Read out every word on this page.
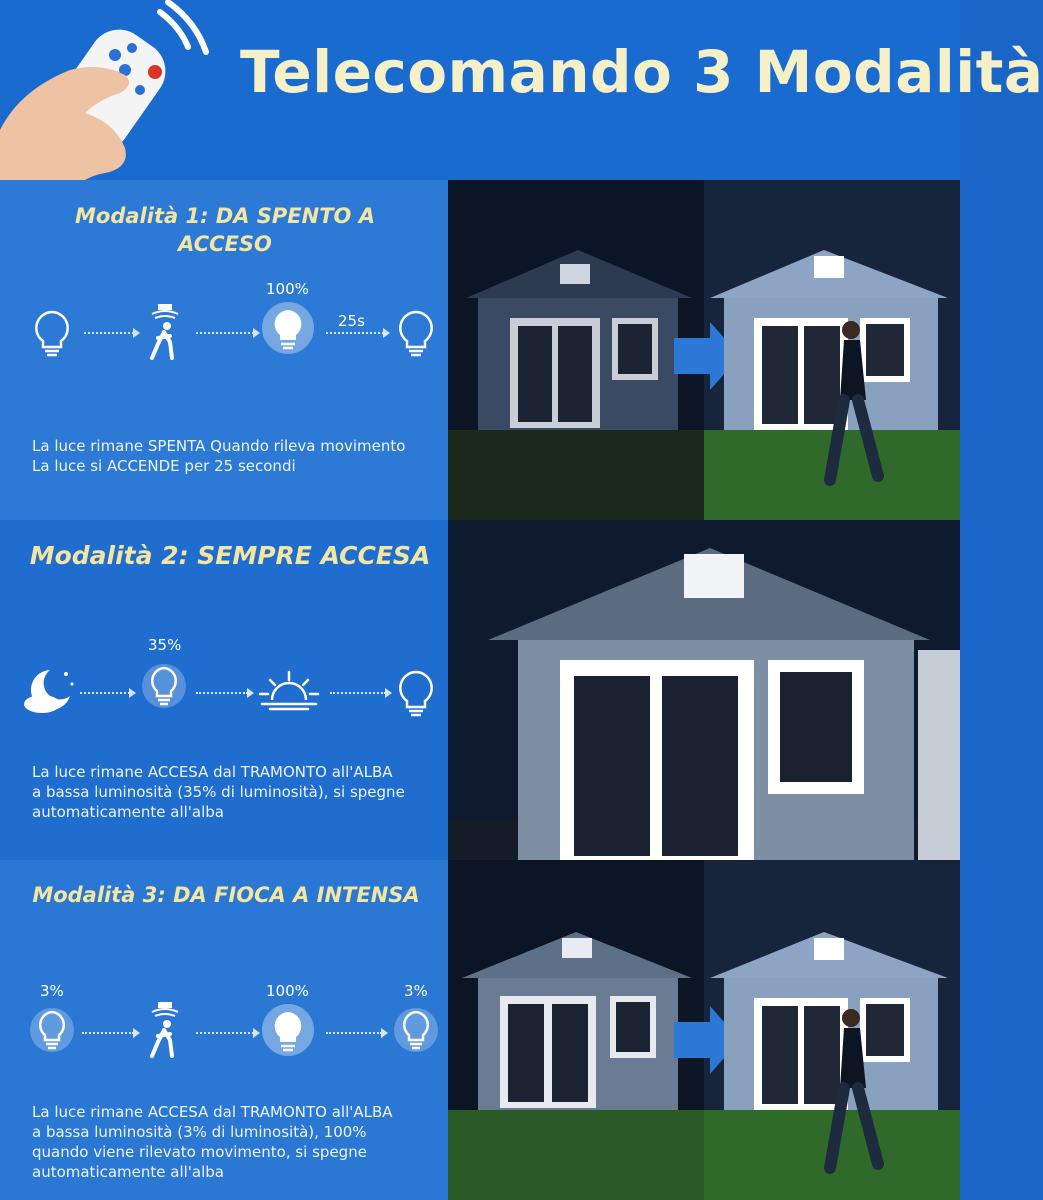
Telecomando 3 Modalità
Modalità 1: DA SPENTO A ACCESO
100%
25s
La luce rimane SPENTA Quando rileva movimento
La luce si ACCENDE per 25 secondi
Modalità 2: SEMPRE ACCESA
35%
La luce rimane ACCESA dal TRAMONTO all'ALBA
a bassa luminosità (35% di luminosità), si spegne
automaticamente all'alba
Modalità 3: DA FIOCA A INTENSA
3%	100%	3%
La luce rimane ACCESA dal TRAMONTO all'ALBA
a bassa luminosità (3% di luminosità), 100%
quando viene rilevato movimento, si spegne
automaticamente all'alba
